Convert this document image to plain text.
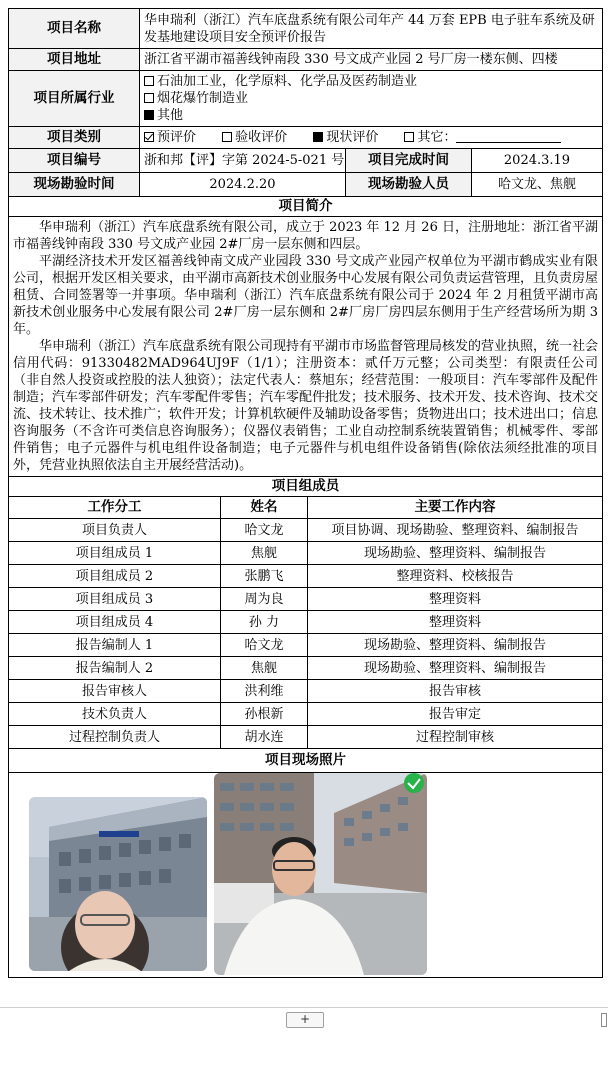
项目名称	华申瑞利（浙江）汽车底盘系统有限公司年产 44 万套 EPB 电子驻车系统及研发基地建设项目安全预评价报告		
项目地址	浙江省平湖市福善线钟南段 330 号文成产业园 2 号厂房一楼东侧、四楼		
项目所属行业	石油加工业，化学原料、化学品及医药制造业
烟花爆竹制造业
其他		

项目类别	预评价 验收评价 现状评价 其它：		
项目编号	浙和邦【评】字第 2024-5-021 号	项目完成时间	2024.3.19
现场勘验时间	2024.2.20	现场勘验人员	哈文龙、焦舰
项目简介			

华申瑞利（浙江）汽车底盘系统有限公司，成立于 2023 年 12 月 26 日，注册地址：浙江省平湖市福善线钟南段 330 号文成产业园 2#厂房一层东侧和四层。

平湖经济技术开发区福善线钟南文成产业园段 330 号文成产业园产权单位为平湖市鹤成实业有限公司，根据开发区相关要求，由平湖市高新技术创业服务中心发展有限公司负责运营管理，且负责房屋租赁、合同签署等一并事项。华申瑞利（浙江）汽车底盘系统有限公司于 2024 年 2 月租赁平湖市高新技术创业服务中心发展有限公司 2#厂房一层东侧和 2#厂房厂房四层东侧用于生产经营场所为期 3 年。

华申瑞利（浙江）汽车底盘系统有限公司现持有平湖市市场监督管理局核发的营业执照，统一社会信用代码：91330482MAD964UJ9F（1/1）；注册资本：贰仟万元整；公司类型：有限责任公司（非自然人投资或控股的法人独资）；法定代表人：蔡旭东；经营范围：一般项目：汽车零部件及配件制造；汽车零部件研发；汽车零配件零售；汽车零配件批发；技术服务、技术开发、技术咨询、技术交流、技术转让、技术推广；软件开发；计算机软硬件及辅助设备零售；货物进出口；技术进出口；信息咨询服务（不含许可类信息咨询服务）；仪器仪表销售；工业自动控制系统装置销售；机械零件、零部件销售；电子元器件与机电组件设备制造；电子元器件与机电组件设备销售(除依法须经批准的项目外，凭营业执照依法自主开展经营活动)。			

项目组成员			
工作分工	姓名	主要工作内容
项目负责人	哈文龙	项目协调、现场勘验、整理资料、编制报告
项目组成员 1	焦舰	现场勘验、整理资料、编制报告
项目组成员 2	张鹏飞	整理资料、校核报告
项目组成员 3	周为良	整理资料
项目组成员 4	孙 力	整理资料
报告编制人 1	哈文龙	现场勘验、整理资料、编制报告
报告编制人 2	焦舰	现场勘验、整理资料、编制报告
报告审核人	洪利维	报告审核
技术负责人	孙根新	报告审定
过程控制负责人	胡水连	过程控制审核
项目现场照片		

+
